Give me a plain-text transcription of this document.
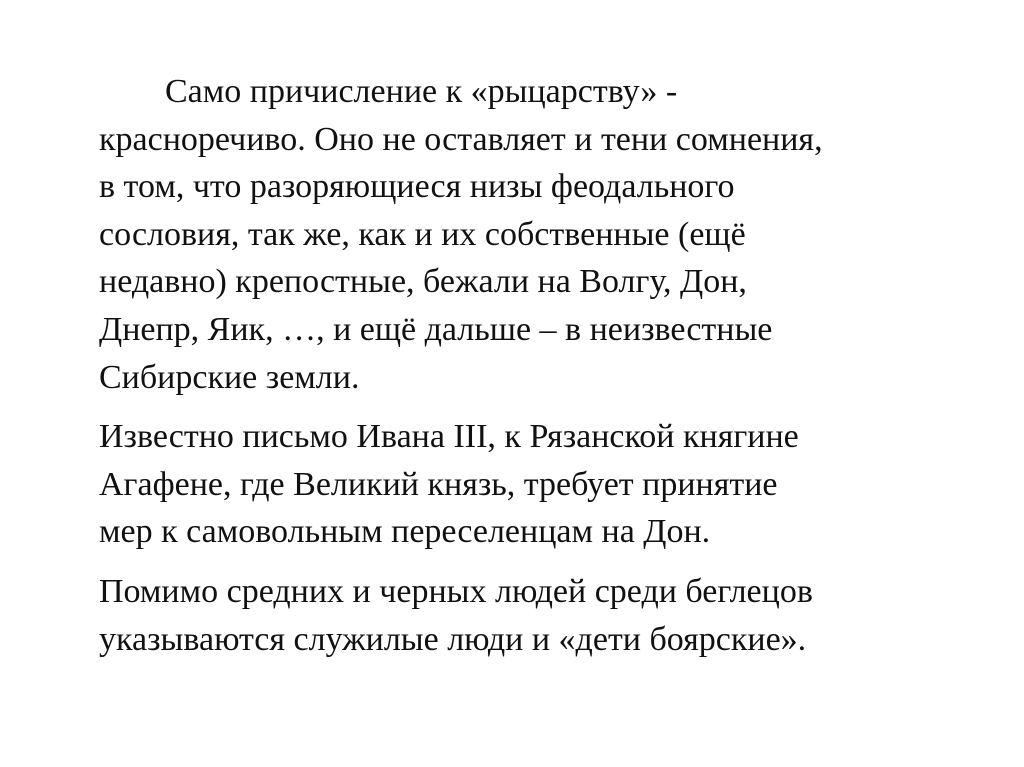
Само причисление к «рыцарству» -
красноречиво. Оно не оставляет и тени сомнения,
в том, что разоряющиеся низы феодального
сословия, так же, как и их собственные (ещё
недавно) крепостные, бежали на Волгу, Дон,
Днепр, Яик, …, и ещё дальше – в неизвестные
Сибирские земли.
Известно письмо Ивана III, к Рязанской княгине
Агафене, где Великий князь, требует принятие
мер к самовольным переселенцам на Дон.
Помимо средних и черных людей среди беглецов
указываются служилые люди и «дети боярские».
